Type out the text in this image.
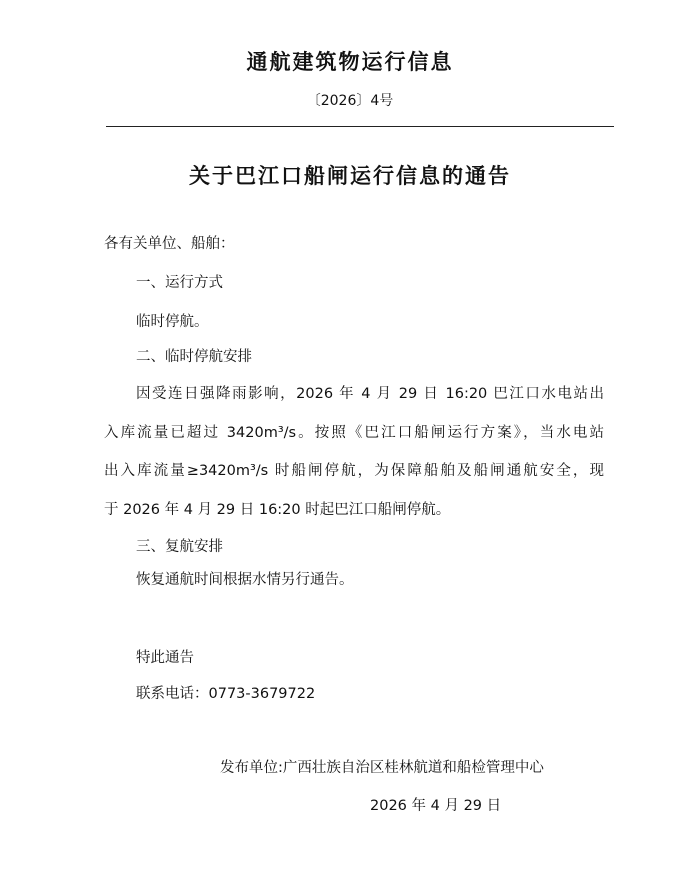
通航建筑物运行信息
〔2026〕4号
关于巴江口船闸运行信息的通告
各有关单位、船舶：
一、运行方式
临时停航。
二、临时停航安排
因受连日强降雨影响，2026 年 4 月 29 日 16:20 巴江口水电站出
入库流量已超过 3420m³/s。按照《巴江口船闸运行方案》，当水电站
出入库流量≥3420m³/s 时船闸停航，为保障船舶及船闸通航安全，现
于 2026 年 4 月 29 日 16:20 时起巴江口船闸停航。
三、复航安排
恢复通航时间根据水情另行通告。
特此通告
联系电话：0773-3679722
发布单位:广西壮族自治区桂林航道和船检管理中心
2026 年 4 月 29 日
